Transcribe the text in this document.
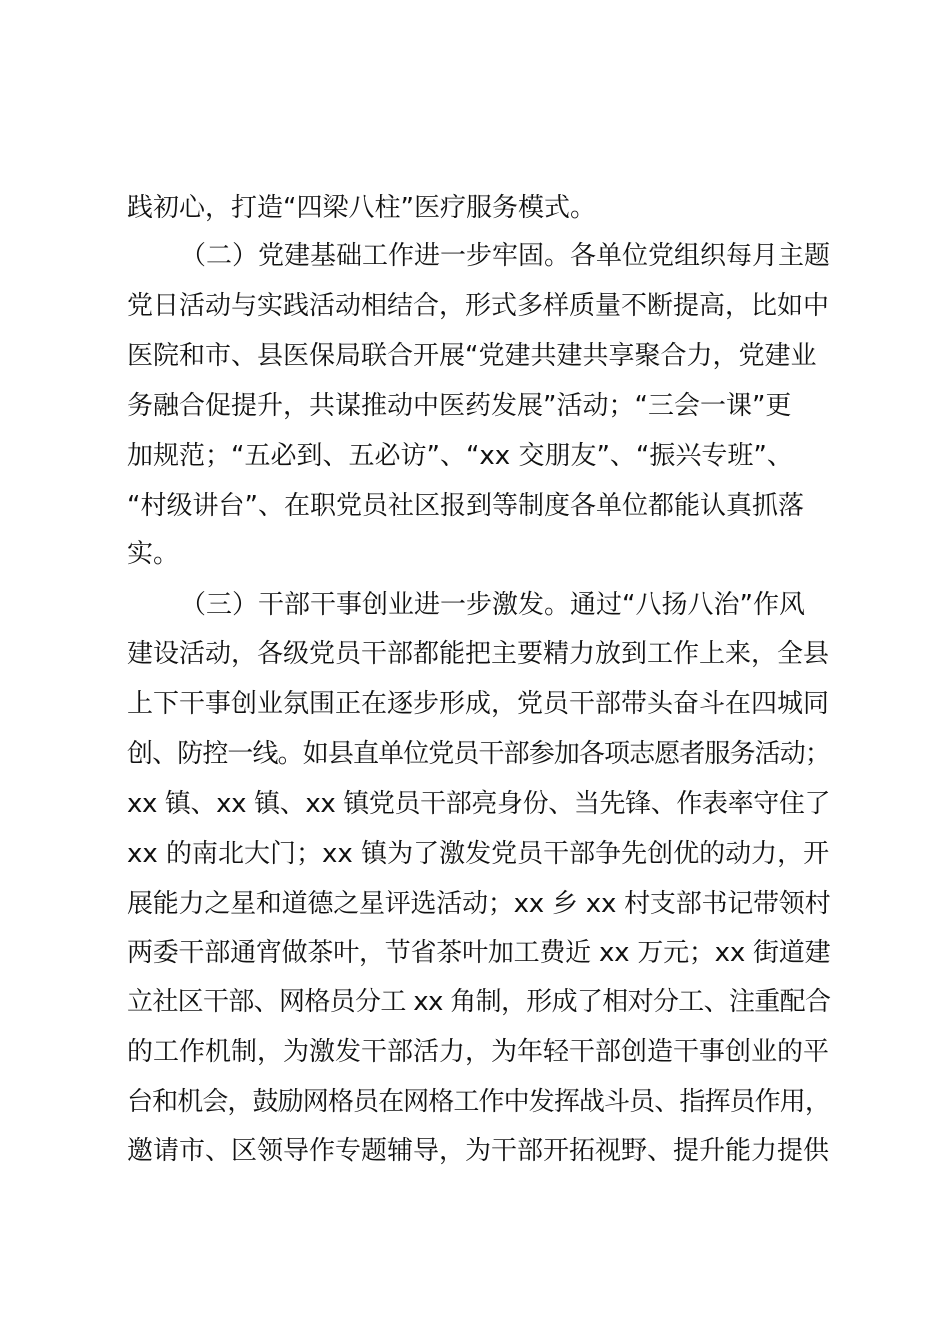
践初心，打造“四梁八柱”医疗服务模式。
（二）党建基础工作进一步牢固。各单位党组织每月主题
党日活动与实践活动相结合，形式多样质量不断提高，比如中
医院和市、县医保局联合开展“党建共建共享聚合力，党建业
务融合促提升，共谋推动中医药发展”活动；“三会一课”更
加规范；“五必到、五必访”、“xx 交朋友”、“振兴专班”、
“村级讲台”、在职党员社区报到等制度各单位都能认真抓落
实。
（三）干部干事创业进一步激发。通过“八扬八治”作风
建设活动，各级党员干部都能把主要精力放到工作上来，全县
上下干事创业氛围正在逐步形成，党员干部带头奋斗在四城同
创、防控一线。如县直单位党员干部参加各项志愿者服务活动；
xx 镇、xx 镇、xx 镇党员干部亮身份、当先锋、作表率守住了
xx 的南北大门；xx 镇为了激发党员干部争先创优的动力，开
展能力之星和道德之星评选活动；xx 乡 xx 村支部书记带领村
两委干部通宵做茶叶，节省茶叶加工费近 xx 万元；xx 街道建
立社区干部、网格员分工 xx 角制，形成了相对分工、注重配合
的工作机制，为激发干部活力，为年轻干部创造干事创业的平
台和机会，鼓励网格员在网格工作中发挥战斗员、指挥员作用，
邀请市、区领导作专题辅导，为干部开拓视野、提升能力提供
